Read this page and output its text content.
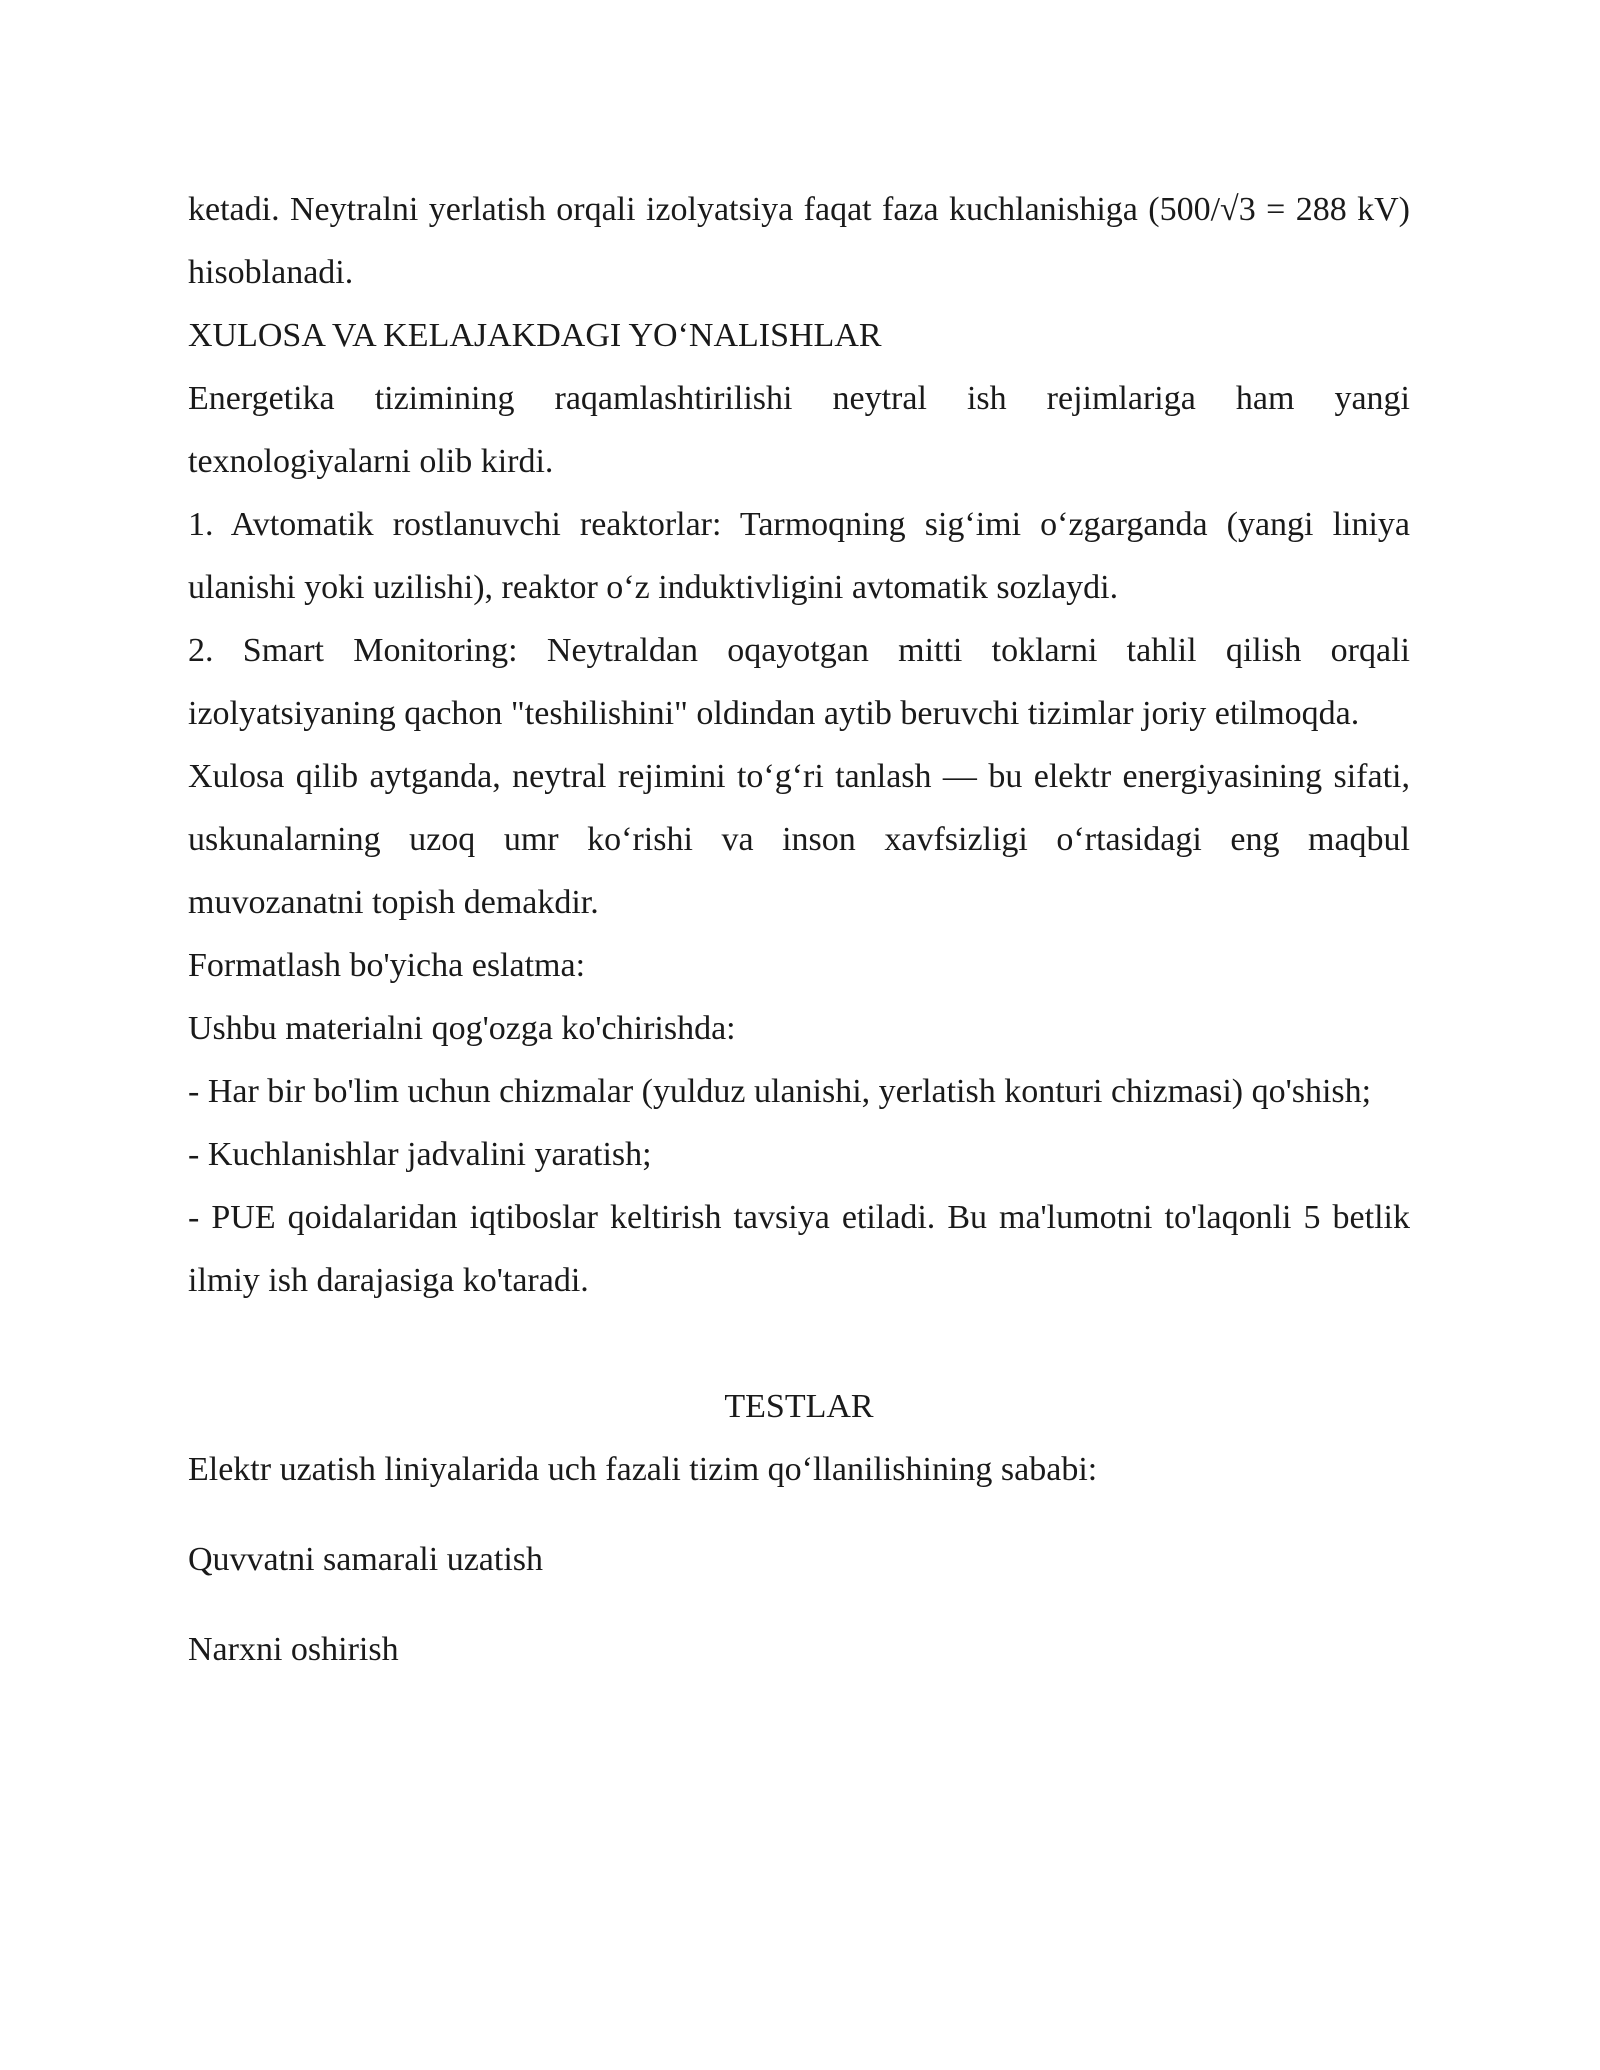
ketadi. Neytralni yerlatish orqali izolyatsiya faqat faza kuchlanishiga (500/√3 = 288 kV) hisoblanadi.

XULOSA VA KELAJAKDAGI YO‘NALISHLAR

Energetika tizimining raqamlashtirilishi neytral ish rejimlariga ham yangi texnologiyalarni olib kirdi.

1. Avtomatik rostlanuvchi reaktorlar: Tarmoqning sig‘imi o‘zgarganda (yangi liniya ulanishi yoki uzilishi), reaktor o‘z induktivligini avtomatik sozlaydi.

2. Smart Monitoring: Neytraldan oqayotgan mitti toklarni tahlil qilish orqali izolyatsiyaning qachon "teshilishini" oldindan aytib beruvchi tizimlar joriy etilmoqda.

Xulosa qilib aytganda, neytral rejimini to‘g‘ri tanlash — bu elektr energiyasining sifati, uskunalarning uzoq umr ko‘rishi va inson xavfsizligi o‘rtasidagi eng maqbul muvozanatni topish demakdir.

Formatlash bo'yicha eslatma:

Ushbu materialni qog'ozga ko'chirishda:

- Har bir bo'lim uchun chizmalar (yulduz ulanishi, yerlatish konturi chizmasi) qo'shish;

- Kuchlanishlar jadvalini yaratish;

- PUE qoidalaridan iqtiboslar keltirish tavsiya etiladi. Bu ma'lumotni to'laqonli 5 betlik ilmiy ish darajasiga ko'taradi.

TESTLAR

Elektr uzatish liniyalarida uch fazali tizim qo‘llanilishining sababi:

Quvvatni samarali uzatish

Narxni oshirish
